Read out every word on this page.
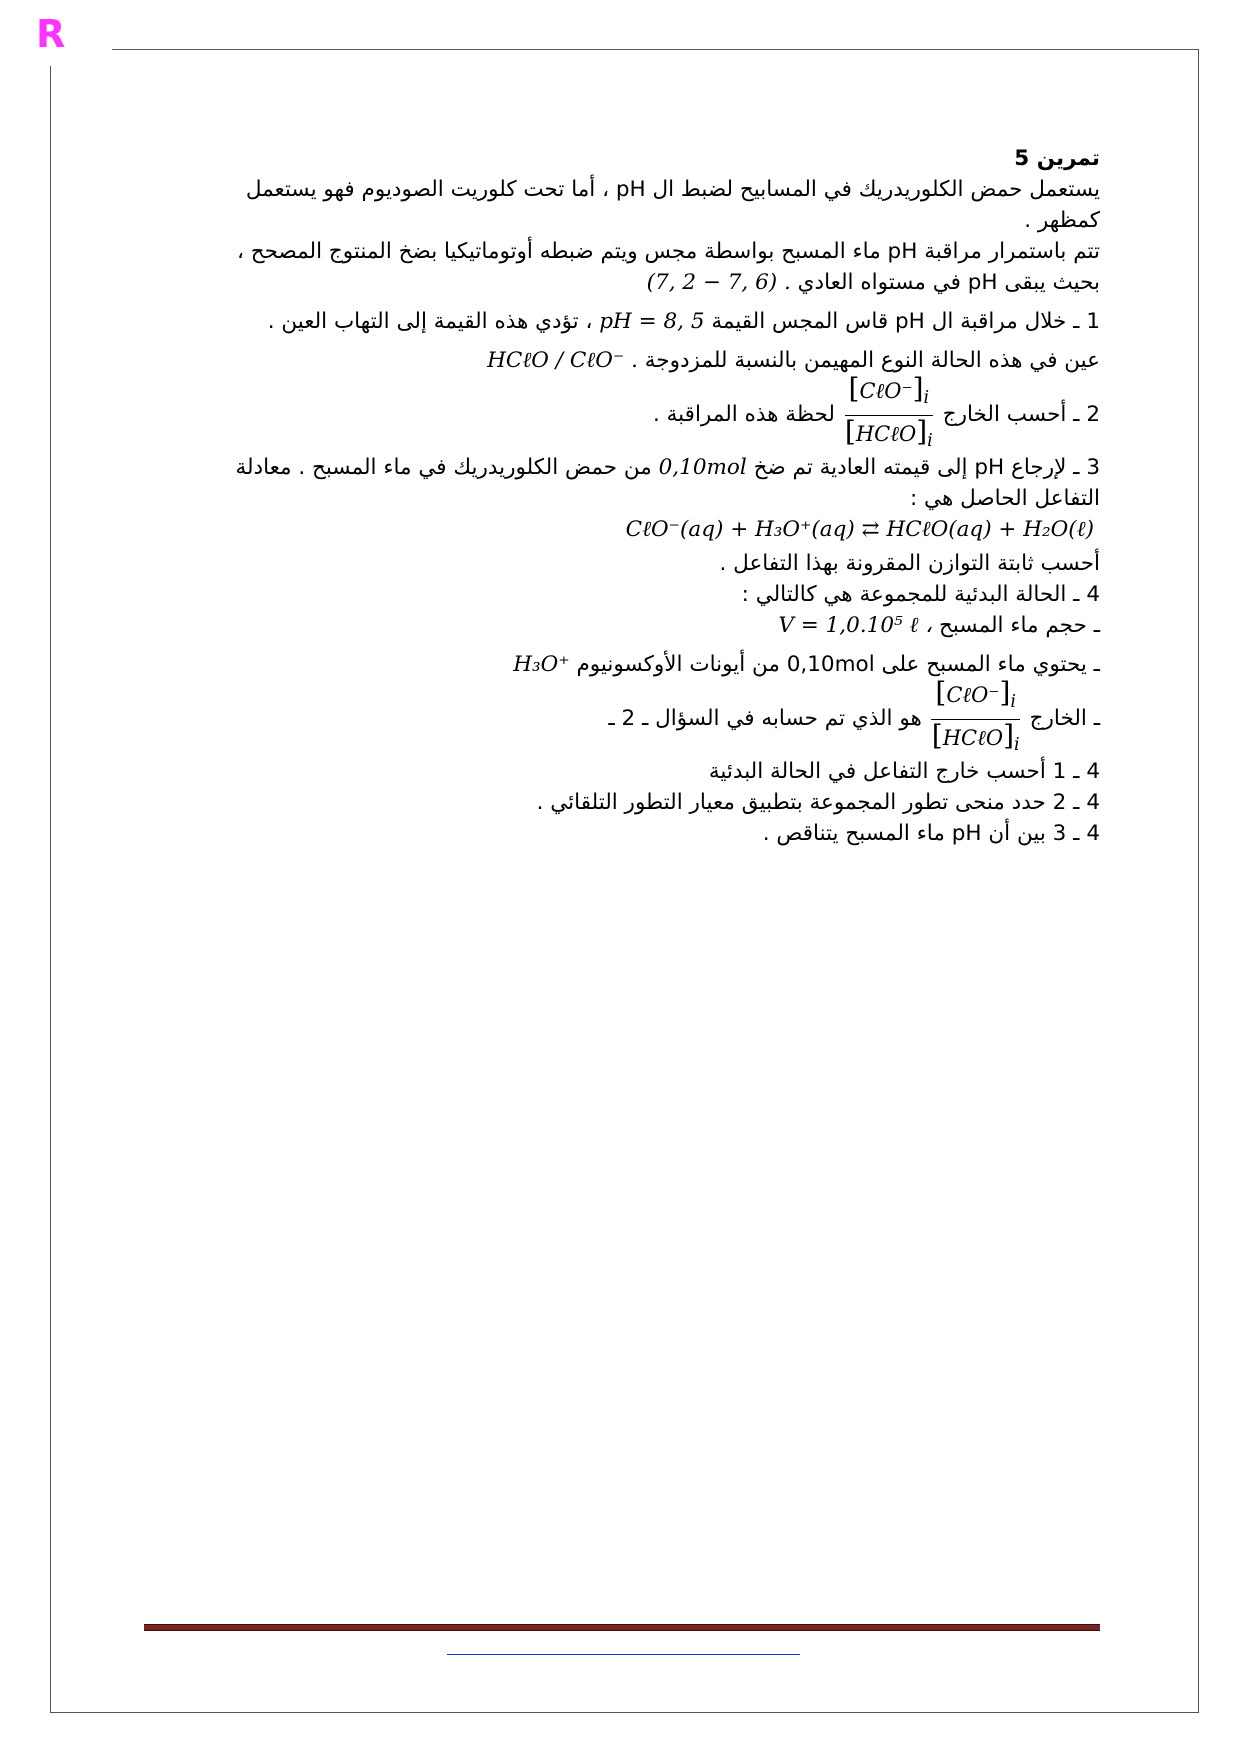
R
تمرين 5
يستعمل حمض الكلوريدريك في المسابيح لضبط ال pH ، أما تحت كلوريت الصوديوم فهو يستعمل
كمظهر .
تتم باستمرار مراقبة pH ماء المسبح بواسطة مجس ويتم ضبطه أوتوماتيكيا بضخ المنتوج المصحح ،
بحيث يبقى pH في مستواه العادي (7, 2 − 7, 6) .
1 ـ خلال مراقبة ال pH قاس المجس القيمة pH = 8, 5 ، تؤدي هذه القيمة إلى التهاب العين .
عين في هذه الحالة النوع المهيمن بالنسبة للمزدوجة HCℓO / CℓO⁻ .
2 ـ أحسب الخارج
$\frac{[C\ell O^-]_i}{[HC\ell O]_i}$
لحظة هذه المراقبة .
3 ـ لإرجاع pH إلى قيمته العادية تم ضخ 0,10mol من حمض الكلوريدريك في ماء المسبح . معادلة
التفاعل الحاصل هي :
CℓO⁻(aq) + H₃O⁺(aq) ⇄ HCℓO(aq) + H₂O(ℓ)
أحسب ثابتة التوازن المقرونة بهذا التفاعل .
4 ـ الحالة البدئية للمجموعة هي كالتالي :
ـ حجم ماء المسبح V = 1,0.10⁵ ℓ ،
ـ يحتوي ماء المسبح على 0,10mol من أيونات الأوكسونيوم H₃O⁺
ـ الخارج
$\frac{[C\ell O^-]_i}{[HC\ell O]_i}$
هو الذي تم حسابه في السؤال ـ 2 ـ
4 ـ 1 أحسب خارج التفاعل في الحالة البدئية
4 ـ 2 حدد منحى تطور المجموعة بتطبيق معيار التطور التلقائي .
4 ـ 3 بين أن pH ماء المسبح يتناقص .
